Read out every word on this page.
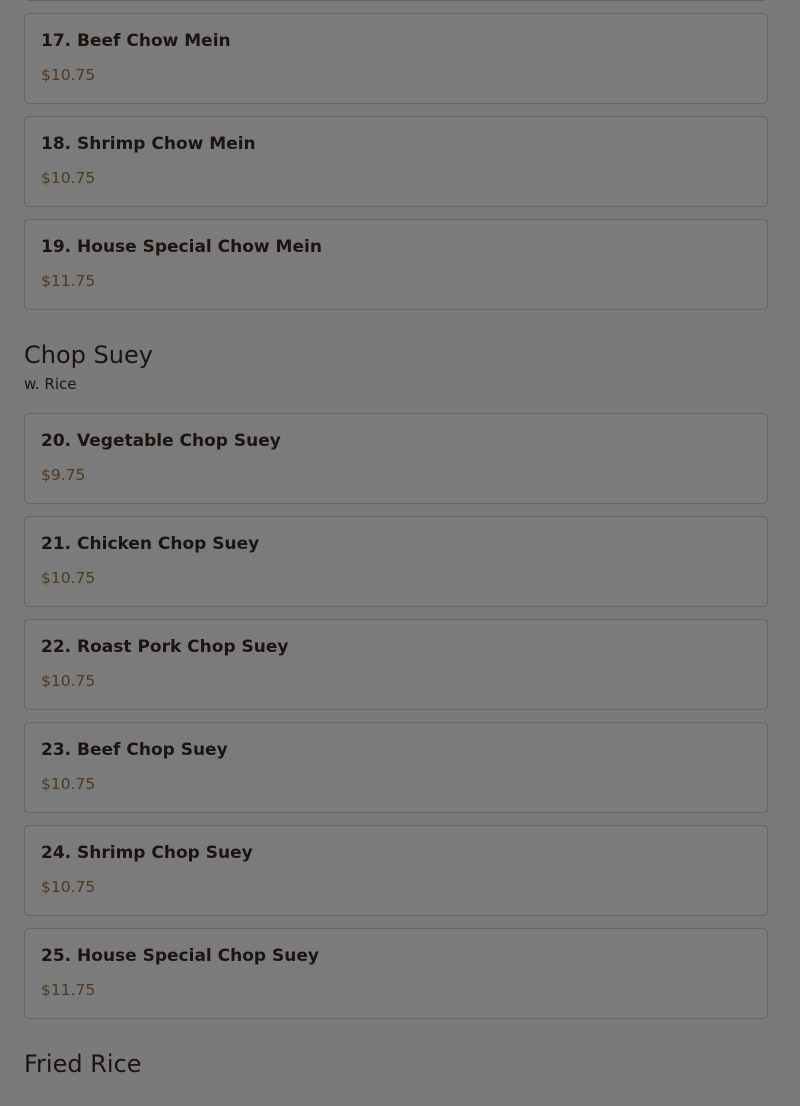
17. Beef Chow Mein
$10.75
18. Shrimp Chow Mein
$10.75
19. House Special Chow Mein
$11.75
Chop Suey
w. Rice
20. Vegetable Chop Suey
$9.75
21. Chicken Chop Suey
$10.75
22. Roast Pork Chop Suey
$10.75
23. Beef Chop Suey
$10.75
24. Shrimp Chop Suey
$10.75
25. House Special Chop Suey
$11.75
Fried Rice
